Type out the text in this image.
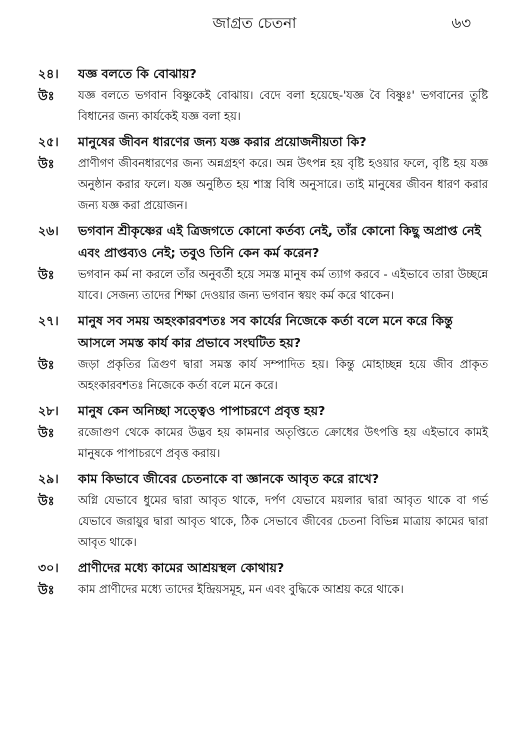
জাগ্রত চেতনা	৬৩
২৪।	যজ্ঞ বলতে কি বোঝায়?
উঃ	যজ্ঞ বলতে ভগবান বিষ্ণুকেই বোঝায়। বেদে বলা হয়েছে-'যজ্ঞ বৈ বিষ্ণুঃ' ভগবানের তুষ্টি বিধানের জন্য কার্যকেই যজ্ঞ বলা হয়।
২৫।	মানুষের জীবন ধারণের জন্য যজ্ঞ করার প্রয়োজনীয়তা কি?
উঃ	প্রাণীগণ জীবনধারণের জন্য অন্নগ্রহণ করে। অন্ন উৎপন্ন হয় বৃষ্টি হওয়ার ফলে, বৃষ্টি হয় যজ্ঞ অনুষ্ঠান করার ফলে। যজ্ঞ অনুষ্ঠিত হয় শাস্ত্র বিধি অনুসারে। তাই মানুষের জীবন ধারণ করার জন্য যজ্ঞ করা প্রয়োজন।
২৬।	ভগবান শ্রীকৃষ্ণের এই ত্রিজগতে কোনো কর্তব্য নেই, তাঁর কোনো কিছু অপ্রাপ্ত নেই এবং প্রাপ্তব্যও নেই; তবুও তিনি কেন কর্ম করেন?
উঃ	ভগবান কর্ম না করলে তাঁর অনুবর্তী হয়ে সমস্ত মানুষ কর্ম ত্যাগ করবে - এইভাবে তারা উচ্ছন্নে যাবে। সেজন্য তাদের শিক্ষা দেওয়ার জন্য ভগবান স্বয়ং কর্ম করে থাকেন।
২৭।	মানুষ সব সময় অহংকারবশতঃ সব কার্যের নিজেকে কর্তা বলে মনে করে কিন্তু আসলে সমস্ত কার্য কার প্রভাবে সংঘটিত হয়?
উঃ	জড়া প্রকৃতির ত্রিগুণ দ্বারা সমস্ত কার্য সম্পাদিত হয়। কিন্তু মোহাচ্ছন্ন হয়ে জীব প্রাকৃত অহংকারবশতঃ নিজেকে কর্তা বলে মনে করে।
২৮।	মানুষ কেন অনিচ্ছা সত্ত্বেও পাপাচরণে প্রবৃত্ত হয়?
উঃ	রজোগুণ থেকে কামের উদ্ভব হয় কামনার অতৃপ্তিতে ক্রোধের উৎপত্তি হয় এইভাবে কামই মানুষকে পাপাচরণে প্রবৃত্ত করায়।
২৯।	কাম কিভাবে জীবের চেতনাকে বা জ্ঞানকে আবৃত করে রাখে?
উঃ	অগ্নি যেভাবে ধুমের দ্বারা আবৃত থাকে, দর্পণ যেভাবে ময়লার দ্বারা আবৃত থাকে বা গর্ভ যেভাবে জরায়ুর দ্বারা আবৃত থাকে, ঠিক সেভাবে জীবের চেতনা বিভিন্ন মাত্রায় কামের দ্বারা আবৃত থাকে।
৩০।	প্রাণীদের মধ্যে কামের আশ্রয়স্থল কোথায়?
উঃ	কাম প্রাণীদের মধ্যে তাদের ইন্দ্রিয়সমূহ, মন এবং বুদ্ধিকে আশ্রয় করে থাকে।
